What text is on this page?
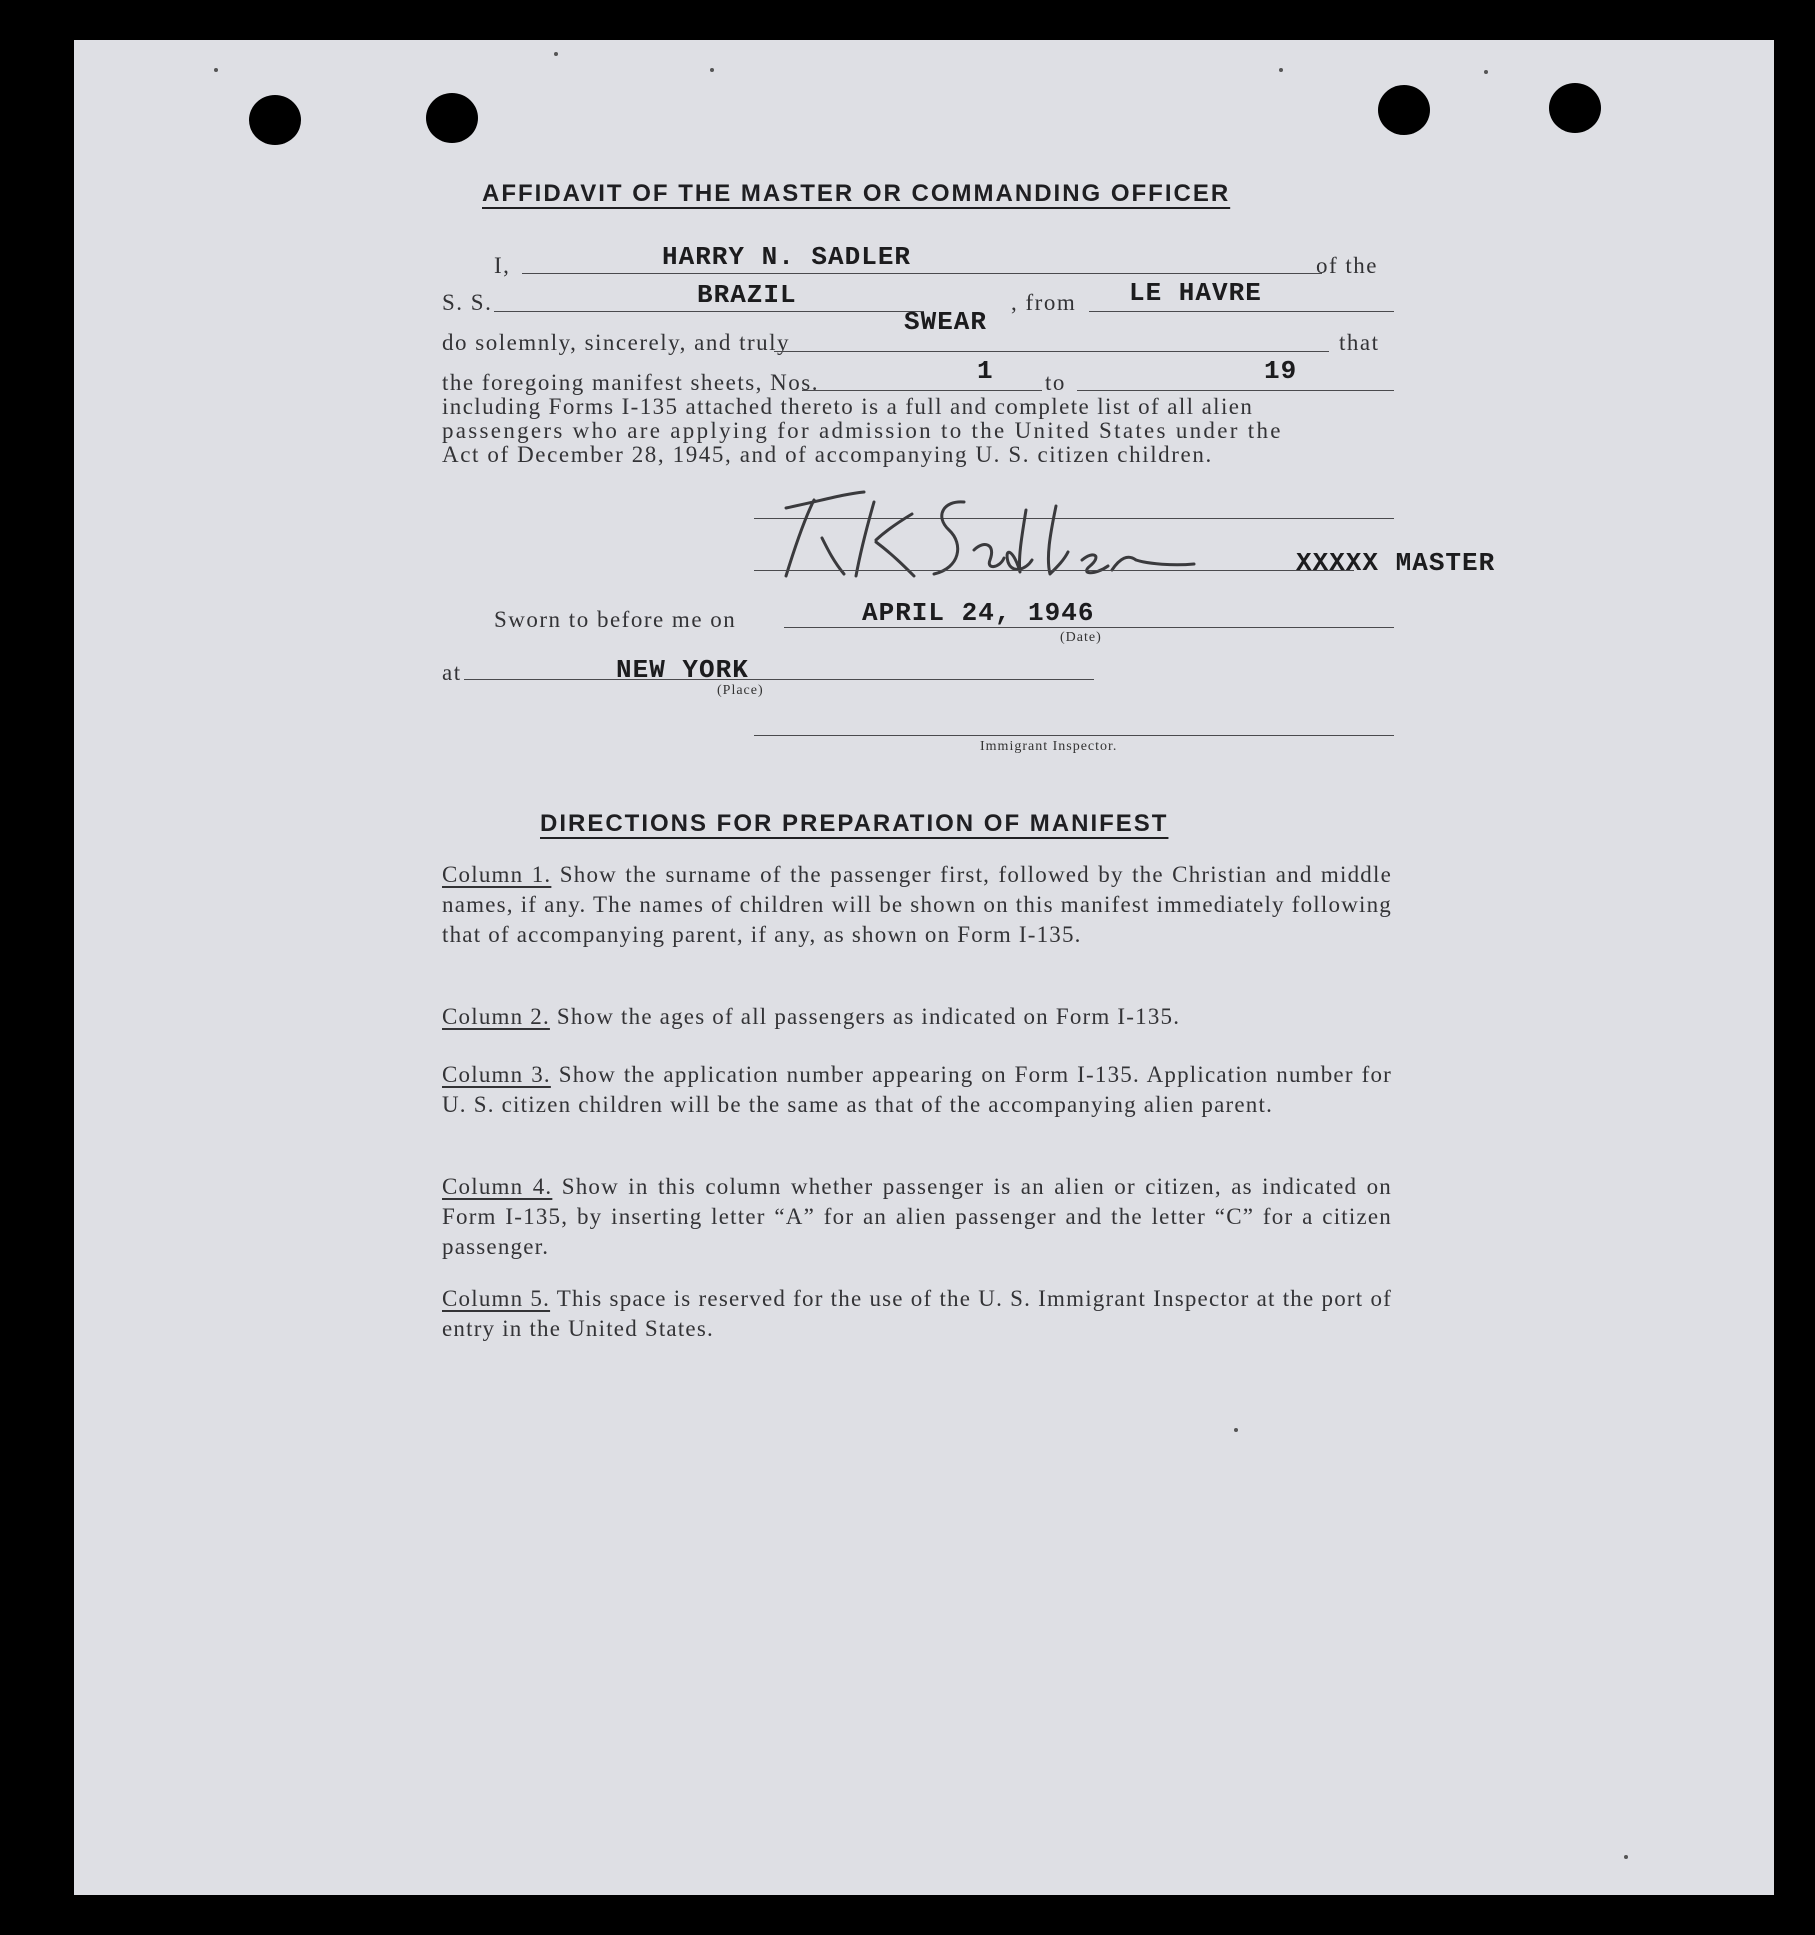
AFFIDAVIT OF THE MASTER OR COMMANDING OFFICER
I,	HARRY N. SADLER	of the
S. S.	BRAZIL	, from LE HAVRE
do solemnly, sincerely, and truly
SWEAR
that
the foregoing manifest sheets, Nos.	1 to	19
including Forms I-135 attached thereto is a full and complete list of all alien
passengers who are applying for admission to the United States under the
Act of December 28, 1945, and of accompanying U. S. citizen children.
XXXXX MASTER
Sworn to before me on	APRIL 24, 1946
(Date)
at	NEW YORK
(Place)
Immigrant Inspector.
DIRECTIONS FOR PREPARATION OF MANIFEST
Column 1. Show the surname of the passenger first, followed by the Christian and middle names, if any. The names of children will be shown on this manifest immediately following that of accompanying parent, if any, as shown on Form I-135.
Column 2. Show the ages of all passengers as indicated on Form I-135.
Column 3. Show the application number appearing on Form I-135. Application number for U. S. citizen children will be the same as that of the accompanying alien parent.
Column 4. Show in this column whether passenger is an alien or citizen, as indicated on Form I-135, by inserting letter “A” for an alien passenger and the letter “C” for a citizen passenger.
Column 5. This space is reserved for the use of the U. S. Immigrant Inspector at the port of entry in the United States.
